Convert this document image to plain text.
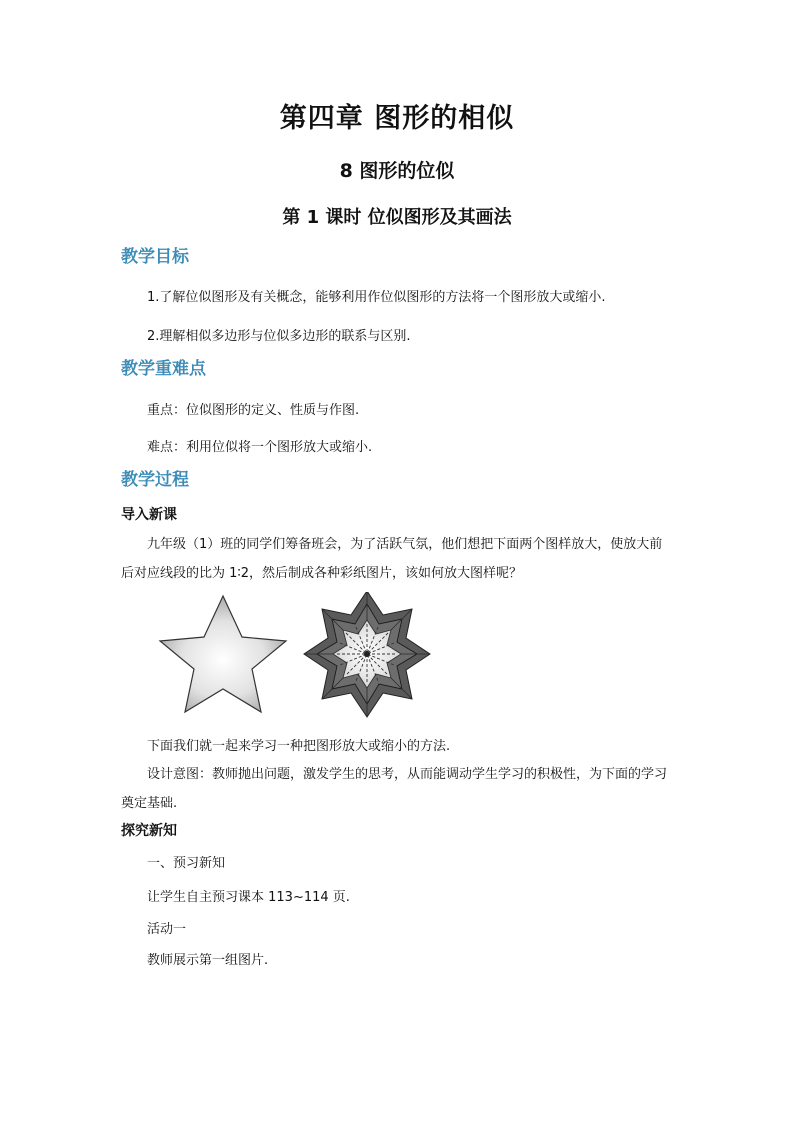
第四章 图形的相似
8 图形的位似
第 1 课时 位似图形及其画法
教学目标
1.了解位似图形及有关概念，能够利用作位似图形的方法将一个图形放大或缩小.
2.理解相似多边形与位似多边形的联系与区别.
教学重难点
重点：位似图形的定义、性质与作图.
难点：利用位似将一个图形放大或缩小.
教学过程
导入新课
九年级（1）班的同学们筹备班会，为了活跃气氛，他们想把下面两个图样放大，使放大前后对应线段的比为 1∶2，然后制成各种彩纸图片，该如何放大图样呢？
下面我们就一起来学习一种把图形放大或缩小的方法.
设计意图：教师抛出问题，激发学生的思考，从而能调动学生学习的积极性，为下面的学习奠定基础.
探究新知
一、预习新知
让学生自主预习课本 113~114 页.
活动一
教师展示第一组图片.
